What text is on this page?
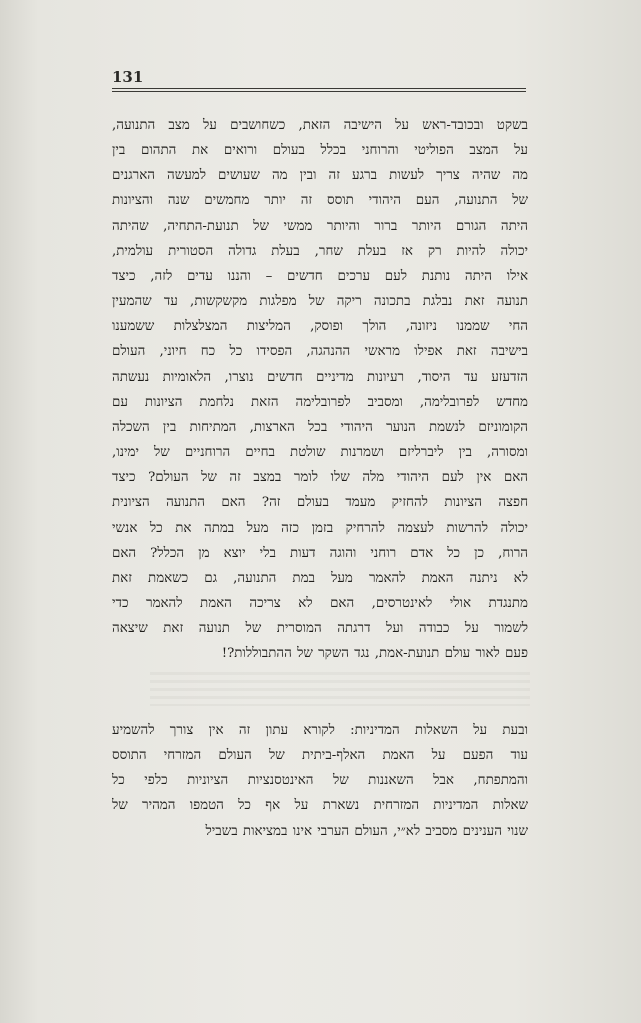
131
בשקט ובכובד-ראש על הישיבה הזאת, כשחושבים על מצב התנועה,
על המצב הפוליטי והרוחני בכלל בעולם ורואים את התהום בין
מה שהיה צריך לעשות ברגע זה ובין מה שעושים למעשה הארגנים
של התנועה, העם היהודי תוסס זה יותר מחמשים שנה והציונות
היתה הגורם היותר ברור והיותר ממשי של תנועת-התחיה, שהיתה
יכולה להיות רק אז בעלת שחר, בעלת גדולה הסטורית עולמית,
אילו היתה נותנת לעם ערכים חדשים – והננו עדים לזה, כיצד
תנועה זאת נבלגת בתכונה ריקה של מפלגות מקשקשות, עד שהמעין
החי שממנו ניזונה, הולך ופוסק, המליצות המצלצלות ששמענו
בישיבה זאת אפילו מראשי ההנהגה, הפסידו כל כח חיוני, העולם
הזדעזע עד היסוד, רעיונות מדיניים חדשים נוצרו, הלאומיות נעשתה
מחדש לפרובלימה, ומסביב לפרובלימה הזאת נלחמת הציונות עם
הקומוניזם לנשמת הנוער היהודי בכל הארצות, המתיחות בין השכלה
ומסורה, בין ליברליזם ושמרנות שולטת בחיים הרוחניים של ימינו,
האם אין לעם היהודי מלה שלו לומר במצב זה של העולם? כיצד
חפצה הציונות להחזיק מעמד בעולם זה? האם התנועה הציונית
יכולה להרשות לעצמה להרחיק בזמן כזה מעל במתה את כל אנשי
הרוח, כן כל אדם רוחני והוגה דעות בלי יוצא מן הכלל? האם
לא ניתנה האמת להאמר מעל במת התנועה, גם כשאמת זאת
מתנגדת אולי לאינטרסים, האם לא צריכה האמת להאמר כדי
לשמור על כבודה ועל דרגתה המוסרית של תנועה זאת שיצאה
פעם לאור עולם תנועת-אמת, נגד השקר של ההתבוללות?!
ובעת על השאלות המדיניות: לקורא עתון זה אין צורך להשמיע
עוד הפעם על האמת האלף-ביתית של העולם המזרחי התוסס
והמתפתח, אבל השאננות של האינטסנציות הציוניות כלפי כל
שאלות המדיניות המזרחית נשארת על אף כל הטמפו המהיר של
שנוי הענינים מסביב לא״י, העולם הערבי אינו במציאות בשביל
